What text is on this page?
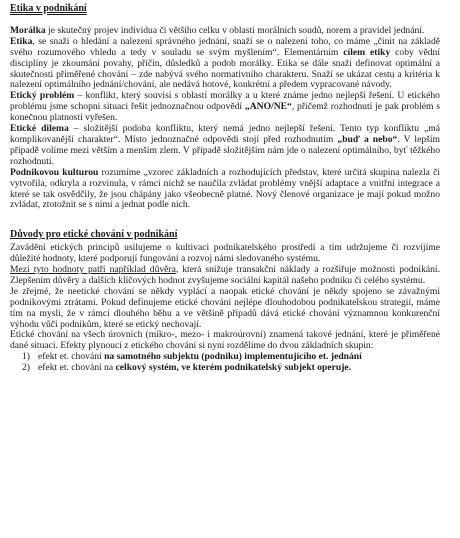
Etika v podnikání

Morálka je skutečný projev individua či většího celku v oblasti morálních soudů, norem a pravidel jednání.

Etika, se snaží o hledání a nalezení správného jednání, snaží se o nalezení toho, co máme „činit na základě svého rozumového vhledu a tedy v souladu se svým myšlením“. Elementárním cílem etiky coby vědní disciplíny je zkoumání povahy, příčin, důsledků a podob morálky. Etika se dále snaží definovat optimální a skutečnosti přiměřené chování – zde nabývá svého normativního charakteru. Snaží se ukázat cestu a kritéria k nalezení optimálního jednání/chování, ale nedává hotové, konkrétní a předem vypracované návody.

Etický problém – konflikt, který souvisí s oblastí morálky a u které známe jedno nejlepší řešení. U etického problému jsme schopni situaci řešit jednoznačnou odpovědí „ANO/NE“, přičemž rozhodnutí je pak problém s konečnou platností vyřešen.

Etické dilema – složitější podoba konfliktu, který nemá jedno nejlepší řešení. Tento typ konfliktu „má komplikovanější charakter“. Místo jednoznačné odpovědi stojí před rozhodnutím „buď a nebo“. V lepším případě volíme mezi větším a menším zlem. V případě složitějším nám jde o nalezení optimálního, byť těžkého rozhodnutí.

Podnikovou kulturou rozumíme „vzorec základních a rozhodujících představ, které určitá skupina nalezla či vytvořila, odkryla a rozvinula, v rámci nichž se naučila zvládat problémy vnější adaptace a vnitřní integrace a které se tak osvědčily, že jsou chápány jako všeobecně platné. Nový členové organizace je mají pokud možno zvládat, ztotožnit se s nimi a jednat podle nich.

Důvody pro etické chování v podnikání

Zavádění etických principů usilujeme o kultivaci podnikatelského prostředí a tím udržujeme či rozvíjíme důležité hodnoty, které podporují fungování a rozvoj námi sledovaného systému.

Mezi tyto hodnoty patří například důvěra, která snižuje transakční náklady a rozšiřuje možnosti podnikání. Zlepšením důvěry a dalších klíčových hodnot zvyšujeme sociální kapitál našeho podniku či celého systému.

Je zřejmé, že neetické chování se někdy vyplácí a naopak etické chování je někdy spojeno se závažnými podnikovými ztrátami. Pokud definujeme etické chování nejlépe dlouhodobou podnikatelskou strategií, máme tím na mysli, že v rámci dlouhého běhu a ve většině případů dává etické chování významnou konkurenční výhodu vůči podnikům, které se etický nechovají.

Etické chování na všech úrovních (mikro-, mezo- i makroúrovni) znamená takové jednání, které je přiměřené dané situaci. Efekty plynoucí z etického chování si nyní rozdělíme do dvou základních skupin:

1) efekt et. chování na samotného subjektu (podniku) implementujícího et. jednání
2) efekt et. chování na celkový systém, ve kterém podnikatelský subjekt operuje.
